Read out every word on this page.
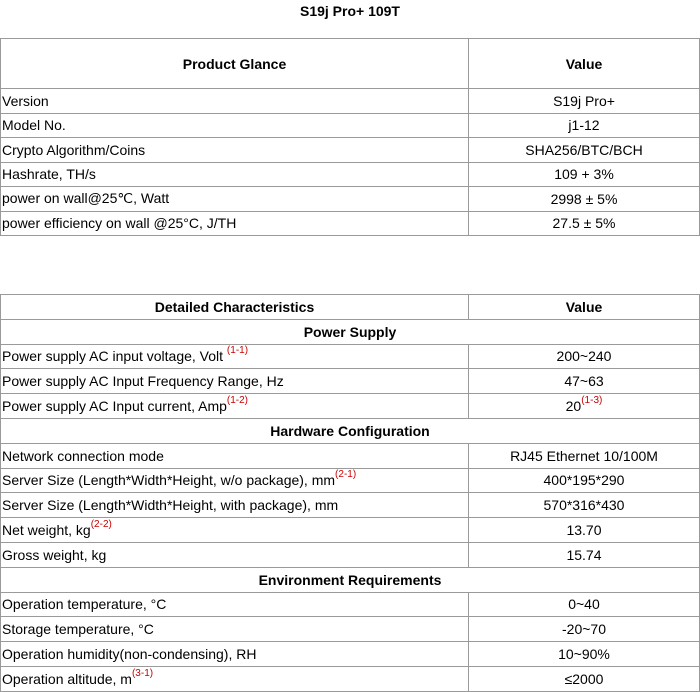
S19j Pro+ 109T
Product Glance	Value
Version	S19j Pro+
Model No.	j1-12
Crypto Algorithm/Coins	SHA256/BTC/BCH
Hashrate, TH/s	109 + 3%
power on wall@25℃, Watt	2998 ± 5%
power efficiency on wall @25°C, J/TH	27.5 ± 5%
Detailed Characteristics	Value
Power Supply	
Power supply AC input voltage, Volt $^{(1-1)}$	200~240
Power supply AC Input Frequency Range, Hz	47~63
Power supply AC Input current, Amp$^{(1-2)}$	20$^{(1-3)}$
Hardware Configuration	
Network connection mode	RJ45 Ethernet 10/100M
Server Size (Length*Width*Height, w/o package), $mm^{(2-1)}$	400*195*290
Server Size (Length*Width*Height, with package), mm	570*316*430
Net weight, $kg^{(2-2)}$	13.70
Gross weight, kg	15.74
Environment Requirements	
Operation temperature, °C	0~40
Storage temperature, °C	-20~70
Operation humidity(non-condensing), RH	10~90%
Operation altitude, $m^{(3-1)}$	≤2000
